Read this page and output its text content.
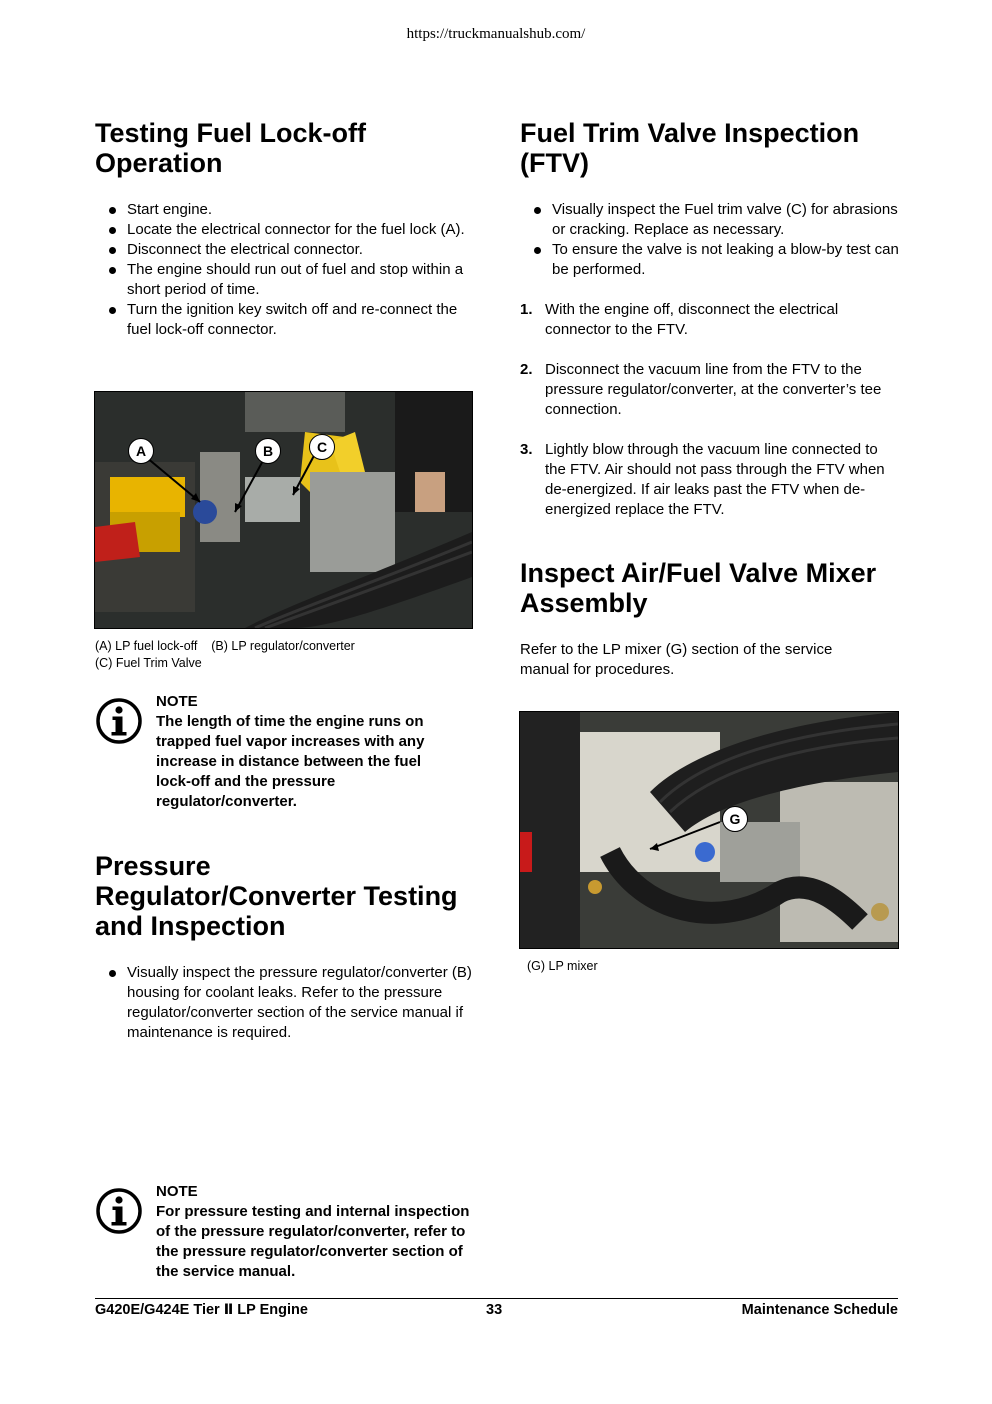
https://truckmanualshub.com/
Testing Fuel Lock-off Operation
Start engine.
Locate the electrical connector for the fuel lock (A).
Disconnect the electrical connector.
The engine should run out of fuel and stop within a short period of time.
Turn the ignition key switch off and re-connect the fuel lock-off connector.
A	B	C
(A) LP fuel lock-off    (B) LP regulator/converter
(C) Fuel Trim Valve
NOTE
The length of time the engine runs on trapped fuel vapor increases with any increase in distance between the fuel lock-off and the pressure regulator/converter.
Pressure Regulator/Converter Testing and Inspection
Visually inspect the pressure regulator/converter (B) housing for coolant leaks. Refer to the pressure regulator/converter section of the service manual if maintenance is required.
NOTE
For pressure testing and internal inspection of the pressure regulator/converter, refer to the pressure regulator/converter section of the service manual.
Fuel Trim Valve Inspection (FTV)
Visually inspect the Fuel trim valve (C) for abrasions or cracking. Replace as necessary.
To ensure the valve is not leaking a blow-by test can be performed.
1. With the engine off, disconnect the electrical connector to the FTV.
2. Disconnect the vacuum line from the FTV to the pressure regulator/converter, at the converter’s tee connection.
3. Lightly blow through the vacuum line connected to the FTV. Air should not pass through the FTV when de-energized. If air leaks past the FTV when de-energized replace the FTV.
Inspect Air/Fuel Valve Mixer Assembly

Refer to the LP mixer (G) section of the service manual for procedures.

G
(G) LP mixer
G420E/G424E Tier Ⅱ LP Engine	33	Maintenance Schedule
